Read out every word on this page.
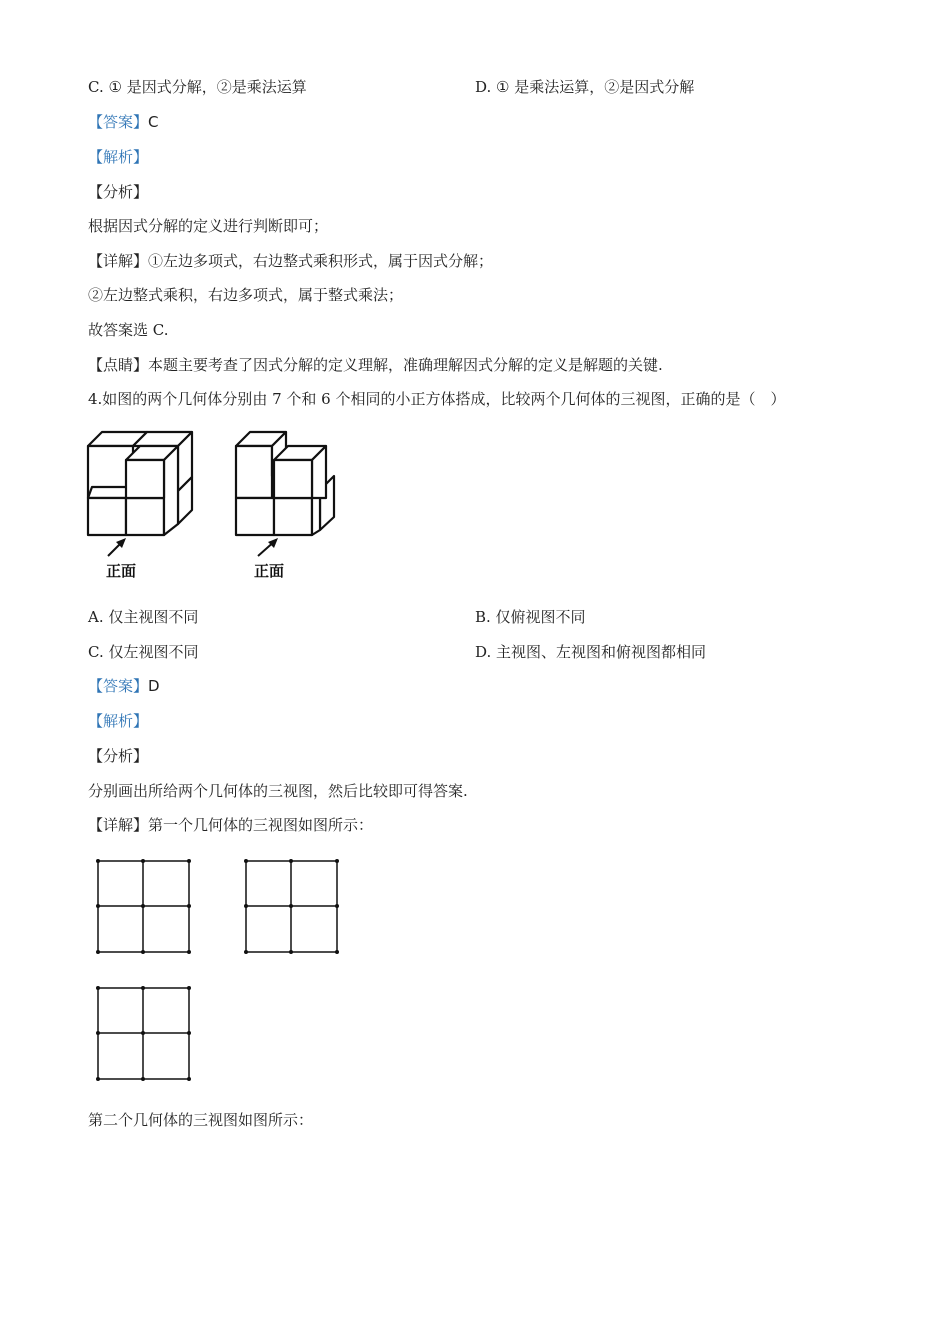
C. ① 是因式分解，②是乘法运算	D. ① 是乘法运算，②是因式分解
【答案】C
【解析】
【分析】
根据因式分解的定义进行判断即可；
【详解】①左边多项式，右边整式乘积形式，属于因式分解；
②左边整式乘积，右边多项式，属于整式乘法；
故答案选 C.
【点睛】本题主要考查了因式分解的定义理解，准确理解因式分解的定义是解题的关键.
4.如图的两个几何体分别由 7 个和 6 个相同的小正方体搭成，比较两个几何体的三视图，正确的是（　）
正面	正面
A. 仅主视图不同	B. 仅俯视图不同
C. 仅左视图不同	D. 主视图、左视图和俯视图都相同
【答案】D
【解析】
【分析】
分别画出所给两个几何体的三视图，然后比较即可得答案.
【详解】第一个几何体的三视图如图所示：
第二个几何体的三视图如图所示：
